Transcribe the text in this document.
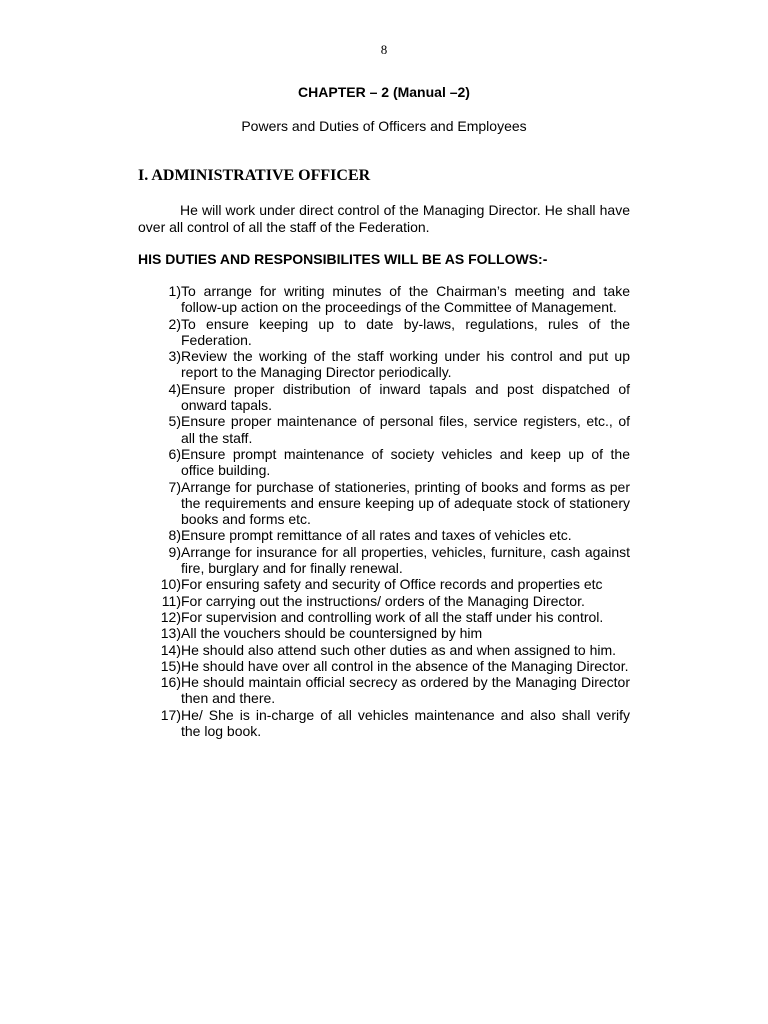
8
CHAPTER – 2 (Manual –2)
Powers and Duties of Officers and Employees
I. ADMINISTRATIVE OFFICER

He will work under direct control of the Managing Director. He shall have over all control of all the staff of the Federation.

HIS DUTIES AND RESPONSIBILITES WILL BE AS FOLLOWS:-
1) To arrange for writing minutes of the Chairman’s meeting and take follow-up action on the proceedings of the Committee of Management.
2) To ensure keeping up to date by-laws, regulations, rules of the Federation.
3) Review the working of the staff working under his control and put up report to the Managing Director periodically.
4) Ensure proper distribution of inward tapals and post dispatched of onward tapals.
5) Ensure proper maintenance of personal files, service registers, etc., of all the staff.
6) Ensure prompt maintenance of society vehicles and keep up of the office building.
7) Arrange for purchase of stationeries, printing of books and forms as per the requirements and ensure keeping up of adequate stock of stationery books and forms etc.
8) Ensure prompt remittance of all rates and taxes of vehicles etc.
9) Arrange for insurance for all properties, vehicles, furniture, cash against fire, burglary and for finally renewal.
10) For ensuring safety and security of Office records and properties etc
11) For carrying out the instructions/ orders of the Managing Director.
12) For supervision and controlling work of all the staff under his control.
13) All the vouchers should be countersigned by him
14) He should also attend such other duties as and when assigned to him.
15) He should have over all control in the absence of the Managing Director.
16) He should maintain official secrecy as ordered by the Managing Director then and there.
17) He/ She is in-charge of all vehicles maintenance and also shall verify the log book.
